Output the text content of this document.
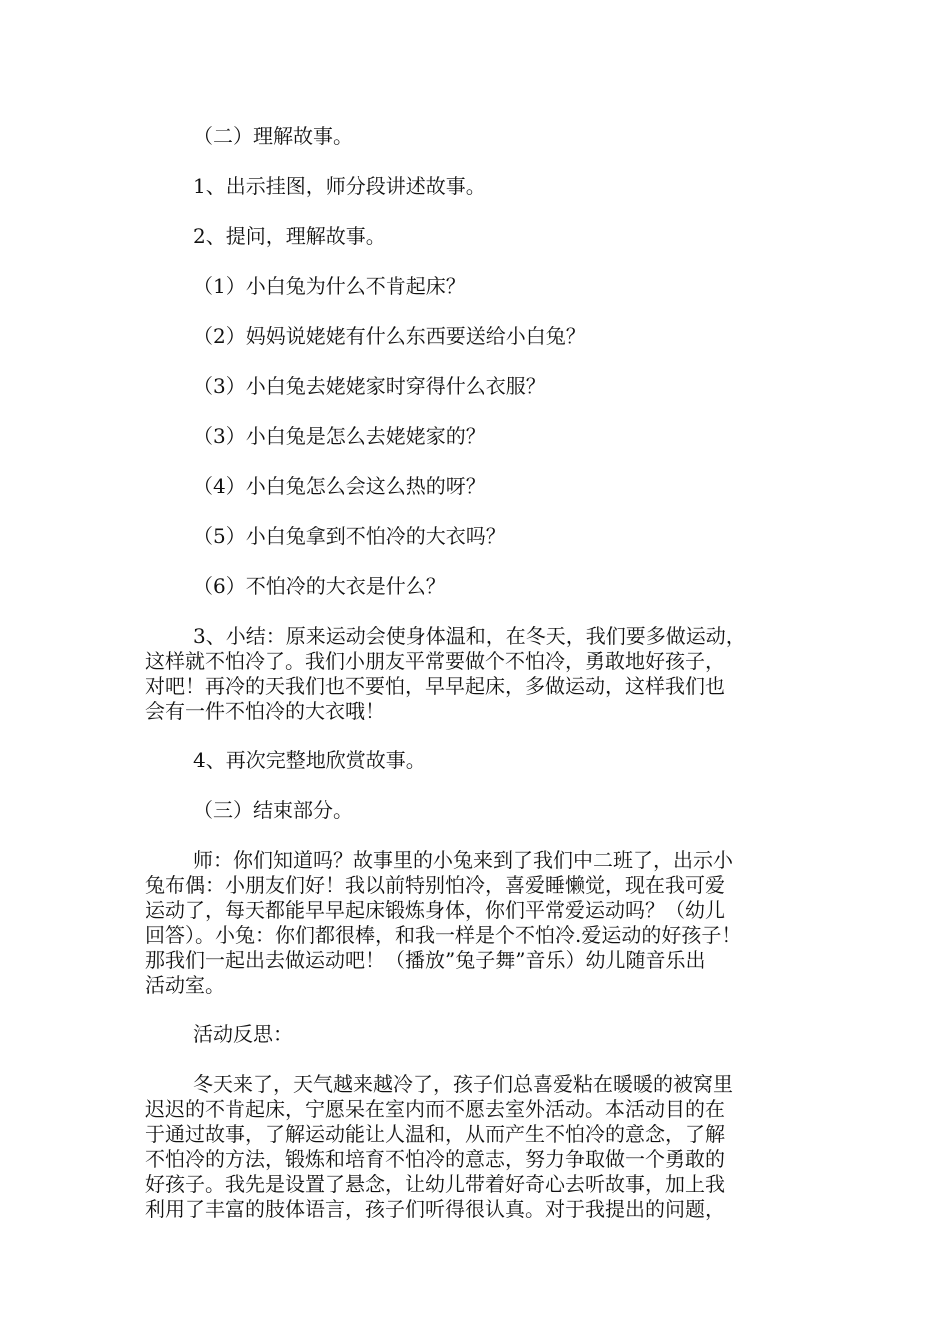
（二）理解故事。
1、出示挂图，师分段讲述故事。
2、提问，理解故事。
（1）小白兔为什么不肯起床？
（2）妈妈说姥姥有什么东西要送给小白兔？
（3）小白兔去姥姥家时穿得什么衣服？
（3）小白兔是怎么去姥姥家的？
（4）小白兔怎么会这么热的呀？
（5）小白兔拿到不怕冷的大衣吗？
（6）不怕冷的大衣是什么？
3、小结：原来运动会使身体温和，在冬天，我们要多做运动，
这样就不怕冷了。我们小朋友平常要做个不怕冷，勇敢地好孩子，
对吧！再冷的天我们也不要怕，早早起床，多做运动，这样我们也
会有一件不怕冷的大衣哦！
4、再次完整地欣赏故事。
（三）结束部分。
师：你们知道吗？故事里的小兔来到了我们中二班了，出示小
兔布偶：小朋友们好！我以前特别怕冷，喜爱睡懒觉，现在我可爱
运动了，每天都能早早起床锻炼身体，你们平常爱运动吗？（幼儿
回答）。小兔：你们都很棒，和我一样是个不怕冷.爱运动的好孩子！
那我们一起出去做运动吧！（播放”兔子舞”音乐）幼儿随音乐出
活动室。
活动反思：
冬天来了，天气越来越冷了，孩子们总喜爱粘在暖暖的被窝里
迟迟的不肯起床，宁愿呆在室内而不愿去室外活动。本活动目的在
于通过故事，了解运动能让人温和，从而产生不怕冷的意念，了解
不怕冷的方法，锻炼和培育不怕冷的意志，努力争取做一个勇敢的
好孩子。我先是设置了悬念，让幼儿带着好奇心去听故事，加上我
利用了丰富的肢体语言，孩子们听得很认真。对于我提出的问题，
